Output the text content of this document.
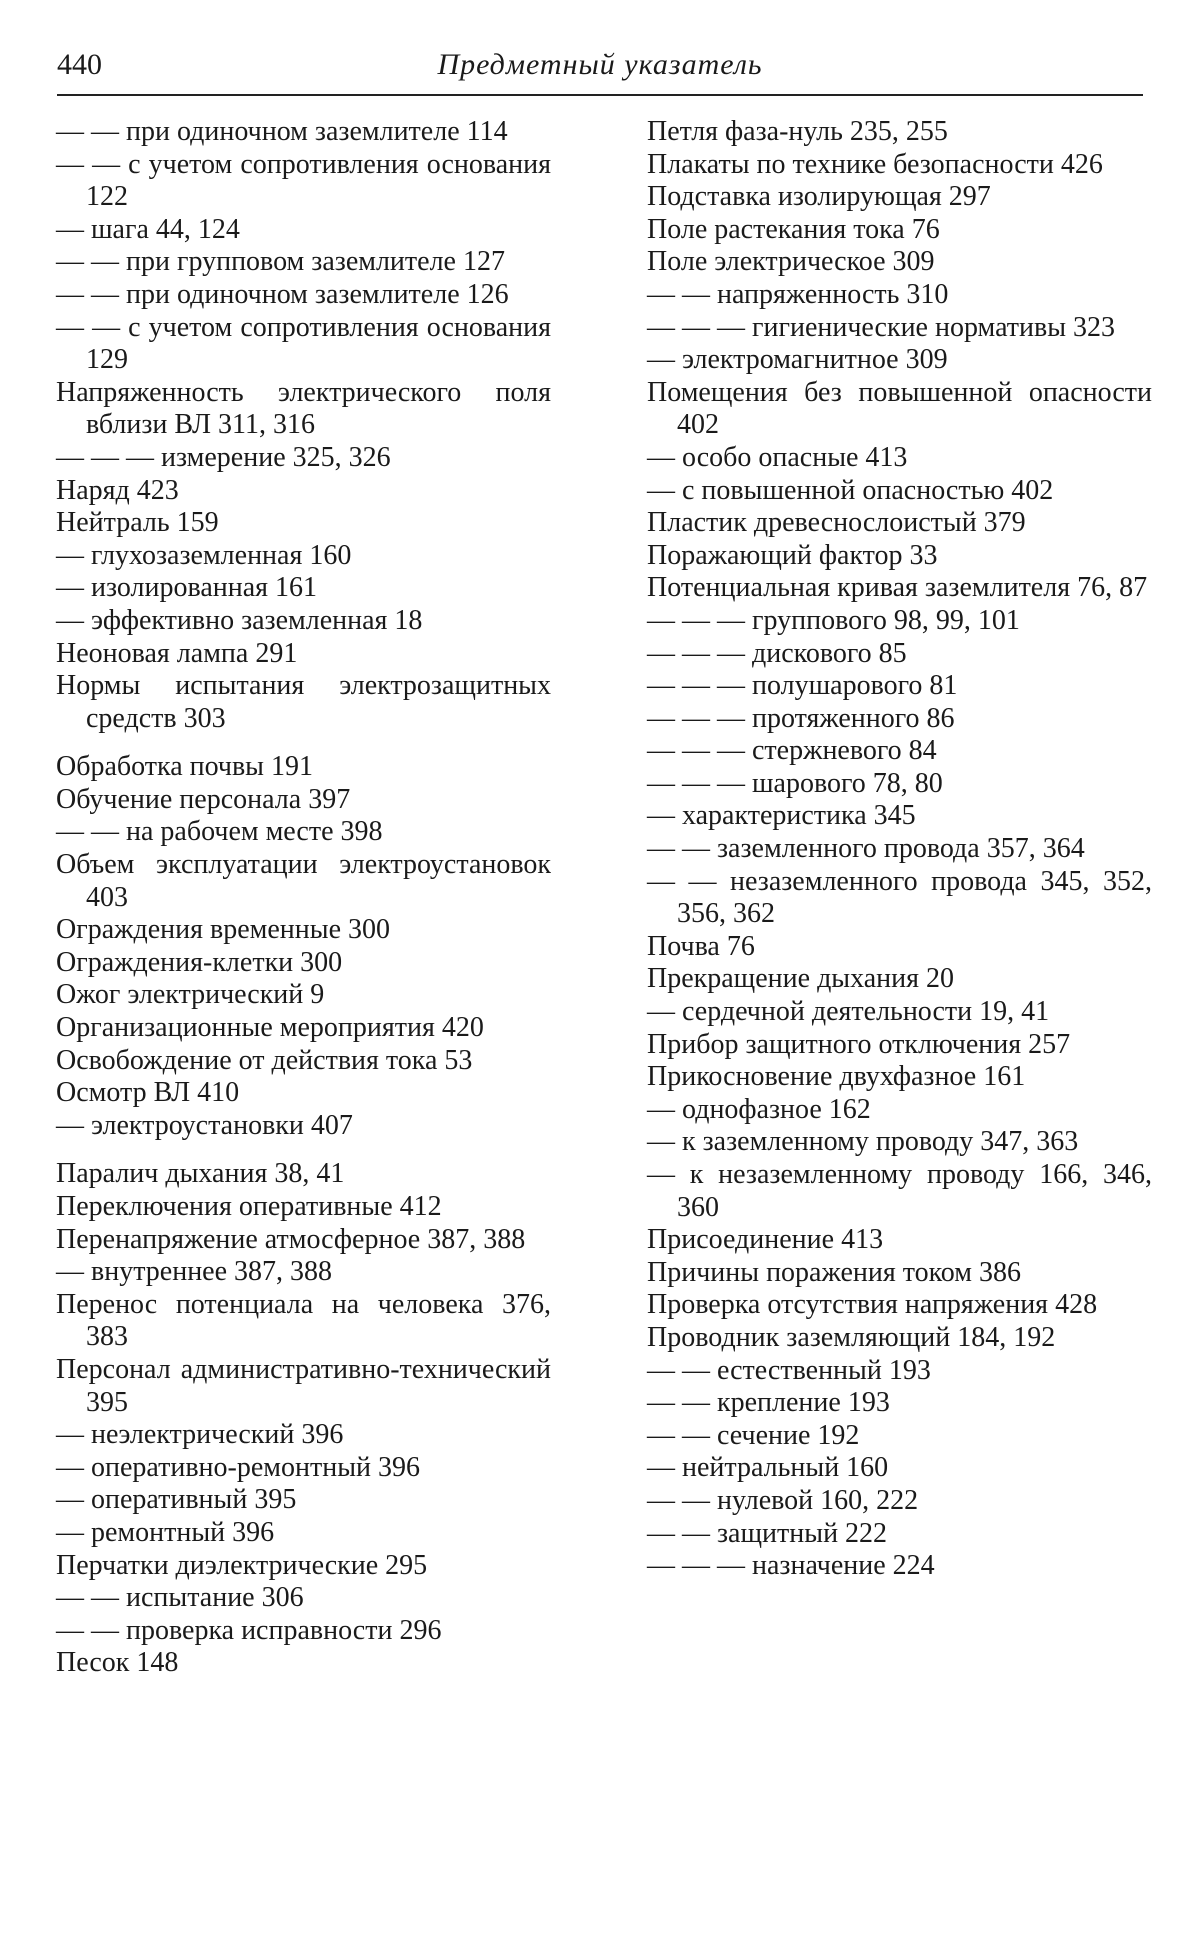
440	Предметный указатель
— — при одиночном заземлителе 114
— — с учетом сопротивления основания 122
— шага 44, 124
— — при групповом заземлителе 127
— — при одиночном заземлителе 126
— — с учетом сопротивления основания 129
Напряженность электрического поля вблизи ВЛ 311, 316
— — — измерение 325, 326
Наряд 423
Нейтраль 159
— глухозаземленная 160
— изолированная 161
— эффективно заземленная 18
Неоновая лампа 291
Нормы испытания электрозащитных средств 303
Обработка почвы 191
Обучение персонала 397
— — на рабочем месте 398
Объем эксплуатации электроустановок 403
Ограждения временные 300
Ограждения-клетки 300
Ожог электрический 9
Организационные мероприятия 420
Освобождение от действия тока 53
Осмотр ВЛ 410
— электроустановки 407
Паралич дыхания 38, 41
Переключения оперативные 412
Перенапряжение атмосферное 387, 388
— внутреннее 387, 388
Перенос потенциала на человека 376, 383
Персонал административно-технический 395
— неэлектрический 396
— оперативно-ремонтный 396
— оперативный 395
— ремонтный 396
Перчатки диэлектрические 295
— — испытание 306
— — проверка исправности 296
Песок 148
Петля фаза-нуль 235, 255
Плакаты по технике безопасности 426
Подставка изолирующая 297
Поле растекания тока 76
Поле электрическое 309
— — напряженность 310
— — — гигиенические нормативы 323
— электромагнитное 309
Помещения без повышенной опасности 402
— особо опасные 413
— с повышенной опасностью 402
Пластик древеснослоистый 379
Поражающий фактор 33
Потенциальная кривая заземлителя 76, 87
— — — группового 98, 99, 101
— — — дискового 85
— — — полушарового 81
— — — протяженного 86
— — — стержневого 84
— — — шарового 78, 80
— характеристика 345
— — заземленного провода 357, 364
— — незаземленного провода 345, 352, 356, 362
Почва 76
Прекращение дыхания 20
— сердечной деятельности 19, 41
Прибор защитного отключения 257
Прикосновение двухфазное 161
— однофазное 162
— к заземленному проводу 347, 363
— к незаземленному проводу 166, 346, 360
Присоединение 413
Причины поражения током 386
Проверка отсутствия напряжения 428
Проводник заземляющий 184, 192
— — естественный 193
— — крепление 193
— — сечение 192
— нейтральный 160
— — нулевой 160, 222
— — защитный 222
— — — назначение 224
